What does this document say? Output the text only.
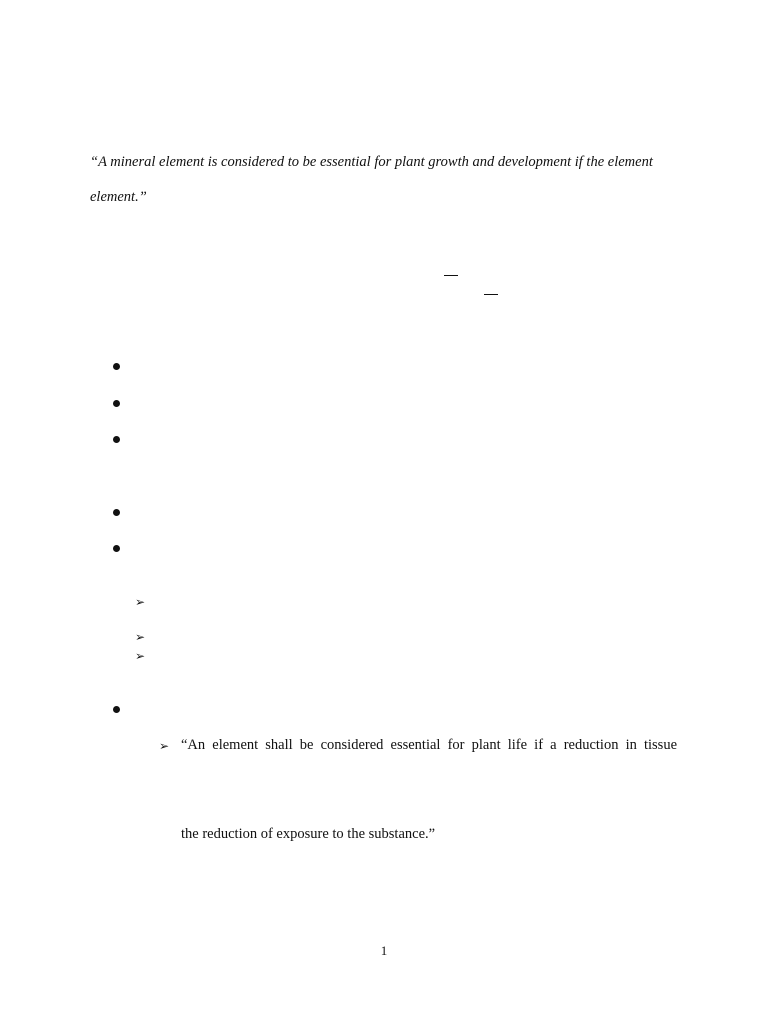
“A mineral element is considered to be essential for plant growth and development if the element
element.”
➢
➢
➢
➢ “An element shall be considered essential for plant life if a reduction in tissue
the reduction of exposure to the substance.”
1
